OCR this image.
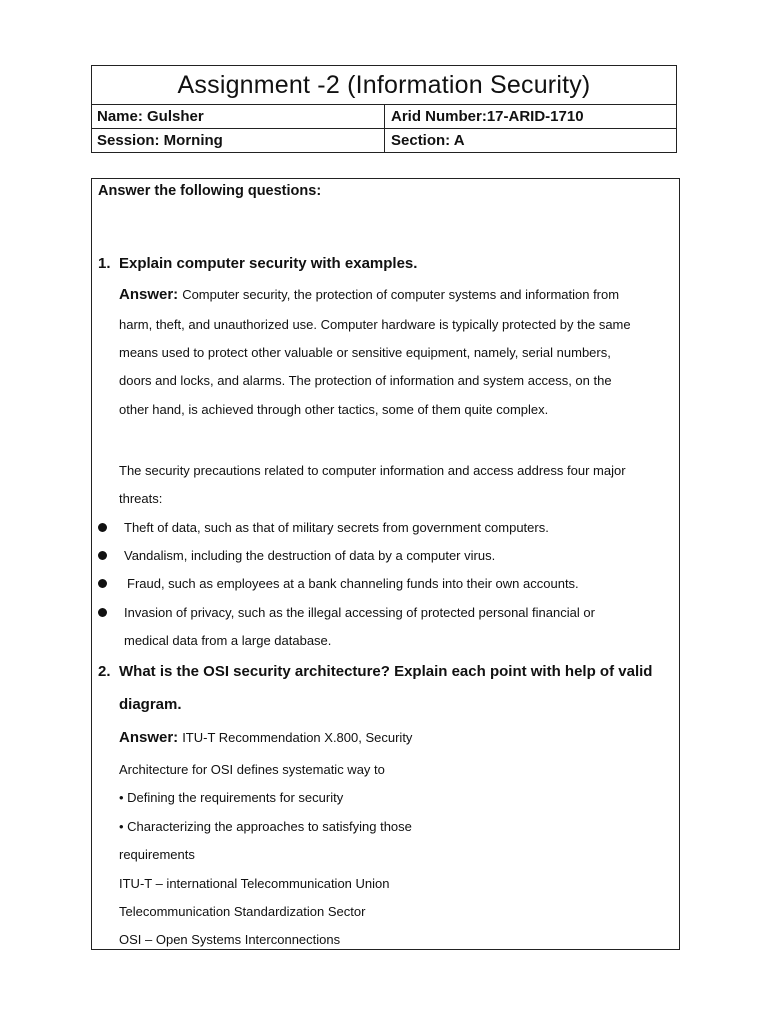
Assignment -2 (Information Security)
Name: Gulsher	Arid Number:17-ARID-1710
Session: Morning	Section: A
Answer the following questions:
1. Explain computer security with examples.
Answer: Computer security, the protection of computer systems and information from
harm, theft, and unauthorized use. Computer hardware is typically protected by the same
means used to protect other valuable or sensitive equipment, namely, serial numbers,
doors and locks, and alarms. The protection of information and system access, on the
other hand, is achieved through other tactics, some of them quite complex.
The security precautions related to computer information and access address four major
threats:
Theft of data, such as that of military secrets from government computers.
Vandalism, including the destruction of data by a computer virus.
Fraud, such as employees at a bank channeling funds into their own accounts.
Invasion of privacy, such as the illegal accessing of protected personal financial or
medical data from a large database.
2. What is the OSI security architecture? Explain each point with help of valid
diagram.
Answer: ITU-T Recommendation X.800, Security
Architecture for OSI defines systematic way to
• Defining the requirements for security
• Characterizing the approaches to satisfying those
requirements
ITU-T – international Telecommunication Union
Telecommunication Standardization Sector
OSI – Open Systems Interconnections
